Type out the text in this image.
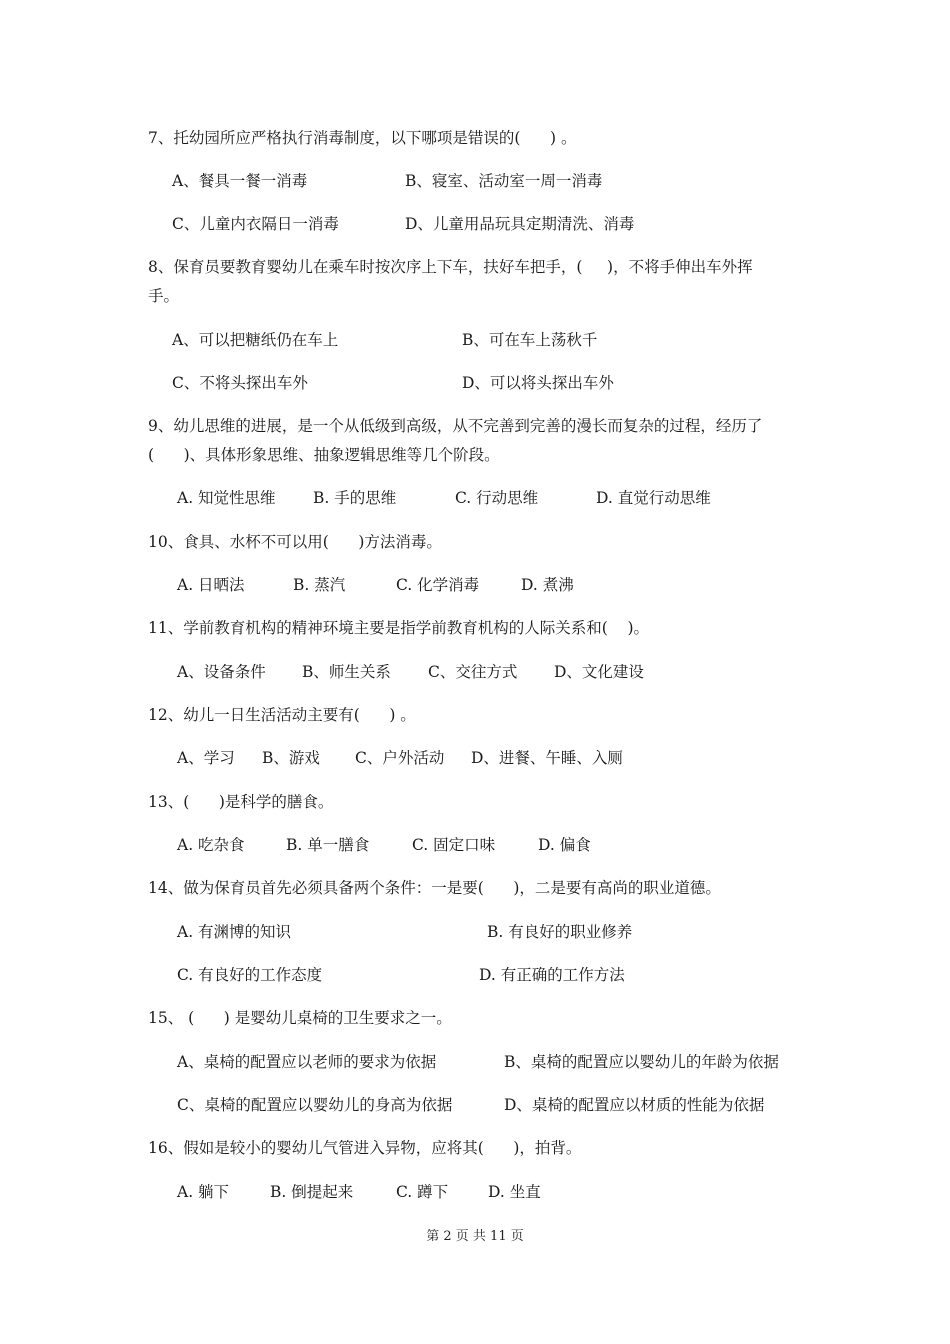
7、托幼园所应严格执行消毒制度，以下哪项是错误的(      ) 。
A、餐具一餐一消毒	B、寝室、活动室一周一消毒
C、儿童内衣隔日一消毒	D、儿童用品玩具定期清洗、消毒
8、保育员要教育婴幼儿在乘车时按次序上下车，扶好车把手，(     )，不将手伸出车外挥
手。
A、可以把糖纸仍在车上	B、可在车上荡秋千
C、不将头探出车外	D、可以将头探出车外
9、幼儿思维的进展，是一个从低级到高级，从不完善到完善的漫长而复杂的过程，经历了
(      )、具体形象思维、抽象逻辑思维等几个阶段。
A. 知觉性思维 B. 手的思维	C. 行动思维	D. 直觉行动思维
10、食具、水杯不可以用(      )方法消毒。
A. 日晒法	B. 蒸汽	C. 化学消毒	D. 煮沸
11、学前教育机构的精神环境主要是指学前教育机构的人际关系和(    )。
A、设备条件 B、师生关系 C、交往方式 D、文化建设
12、幼儿一日生活活动主要有(      ) 。
A、学习 B、游戏 C、户外活动 D、进餐、午睡、入厕
13、(      )是科学的膳食。
A. 吃杂食	B. 单一膳食	C. 固定口味	D. 偏食
14、做为保育员首先必须具备两个条件：一是要(      )，二是要有高尚的职业道德。
A. 有渊博的知识	B. 有良好的职业修养
C. 有良好的工作态度	D. 有正确的工作方法
15、 (      ) 是婴幼儿桌椅的卫生要求之一。
A、桌椅的配置应以老师的要求为依据	B、桌椅的配置应以婴幼儿的年龄为依据
C、桌椅的配置应以婴幼儿的身高为依据	D、桌椅的配置应以材质的性能为依据
16、假如是较小的婴幼儿气管进入异物，应将其(      )，拍背。
A. 躺下	B. 倒提起来	C. 蹲下	D. 坐直
第 2 页 共 11 页
